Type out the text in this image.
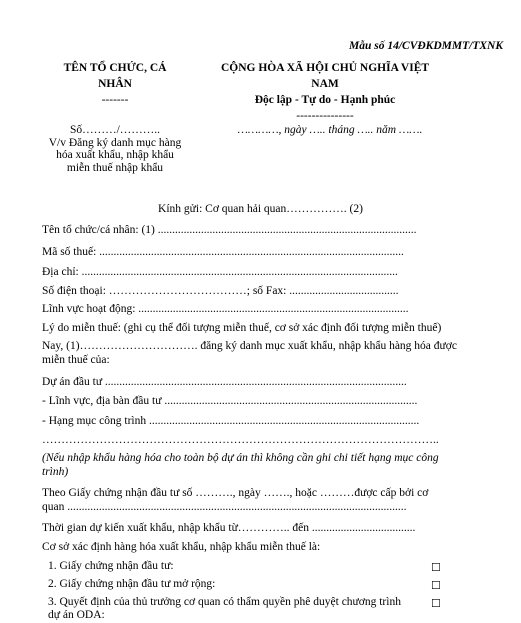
Mẫu số 14/CVĐKDMMT/TXNK
TÊN TỔ CHỨC, CÁ
NHÂN
-------
CỘNG HÒA XÃ HỘI CHỦ NGHĨA VIỆT
NAM
Độc lập - Tự do - Hạnh phúc
---------------
Số………/………..
V/v Đăng ký danh mục hàng
hóa xuất khẩu, nhập khẩu
miễn thuế nhập khẩu
…………, ngày ….. tháng ….. năm …….
Kính gửi: Cơ quan hải quan……………. (2)
Tên tổ chức/cá nhân: (1) ..........................................................................................
Mã số thuế: ..........................................................................................................
Địa chỉ: ..............................................................................................................
Số điện thoại: ………………………………; số Fax: ......................................
Lĩnh vực hoạt động: ..............................................................................................
Lý do miễn thuế: (ghi cụ thể đối tượng miễn thuế, cơ sở xác định đối tượng miễn thuế)
Nay, (1)…………………………. đăng ký danh mục xuất khẩu, nhập khẩu hàng hóa được
miễn thuế của:
Dự án đầu tư .........................................................................................................
- Lĩnh vực, địa bàn đầu tư ........................................................................................
- Hạng mục công trình ..............................................................................................
…………………………………………………………………………………………..
(Nếu nhập khẩu hàng hóa cho toàn bộ dự án thì không cần ghi chi tiết hạng mục công
trình)
Theo Giấy chứng nhận đầu tư số ………., ngày ……., hoặc ………được cấp bởi cơ
quan ......................................................................................................................
Thời gian dự kiến xuất khẩu, nhập khẩu từ………….. đến ....................................
Cơ sở xác định hàng hóa xuất khẩu, nhập khẩu miễn thuế là:
1. Giấy chứng nhận đầu tư:	☐
2. Giấy chứng nhận đầu tư mở rộng:	☐
3. Quyết định của thủ trưởng cơ quan có thẩm quyền phê duyệt chương trình
dự án ODA:
☐
